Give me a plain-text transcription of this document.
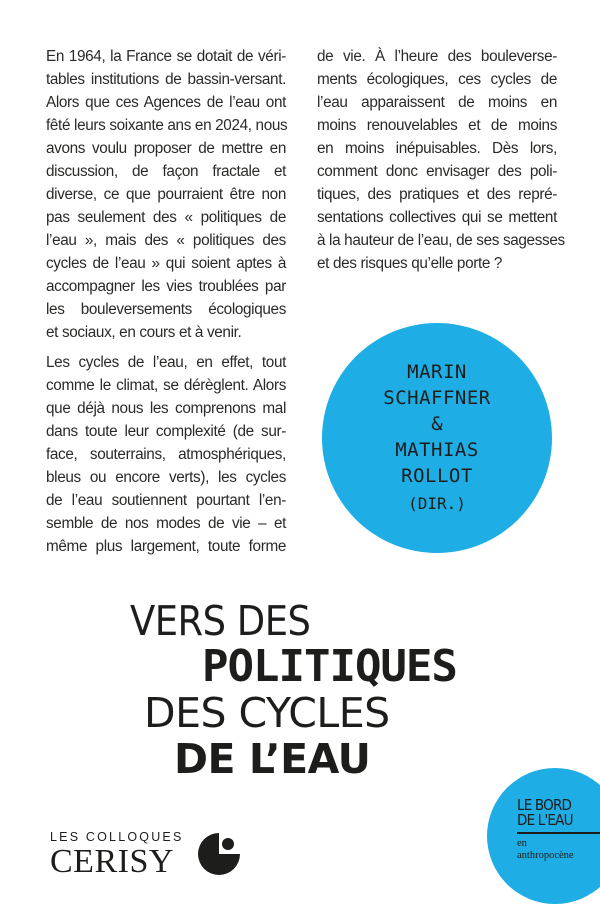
En 1964, la France se dotait de véri-
tables institutions de bassin-versant.
Alors que ces Agences de l’eau ont
fêté leurs soixante ans en 2024, nous
avons voulu proposer de mettre en
discussion, de façon fractale et
diverse, ce que pourraient être non
pas seulement des « politiques de
l’eau », mais des « politiques des
cycles de l’eau » qui soient aptes à
accompagner les vies troublées par
les bouleversements écologiques
et sociaux, en cours et à venir.
Les cycles de l’eau, en effet, tout
comme le climat, se dérèglent. Alors
que déjà nous les comprenons mal
dans toute leur complexité (de sur-
face, souterrains, atmosphériques,
bleus ou encore verts), les cycles
de l’eau soutiennent pourtant l’en-
semble de nos modes de vie – et
même plus largement, toute forme
de vie. À l’heure des bouleverse-
ments écologiques, ces cycles de
l’eau apparaissent de moins en
moins renouvelables et de moins
en moins inépuisables. Dès lors,
comment donc envisager des poli-
tiques, des pratiques et des repré-
sentations collectives qui se mettent
à la hauteur de l’eau, de ses sagesses
et des risques qu’elle porte ?
MARIN
SCHAFFNER
&
MATHIAS
ROLLOT
(DIR.)
VERS DES
POLITIQUES
DES CYCLES
DE L’EAU
LES COLLOQUES
CERISY
LE BORD
DE L'EAU
en
anthropocène
